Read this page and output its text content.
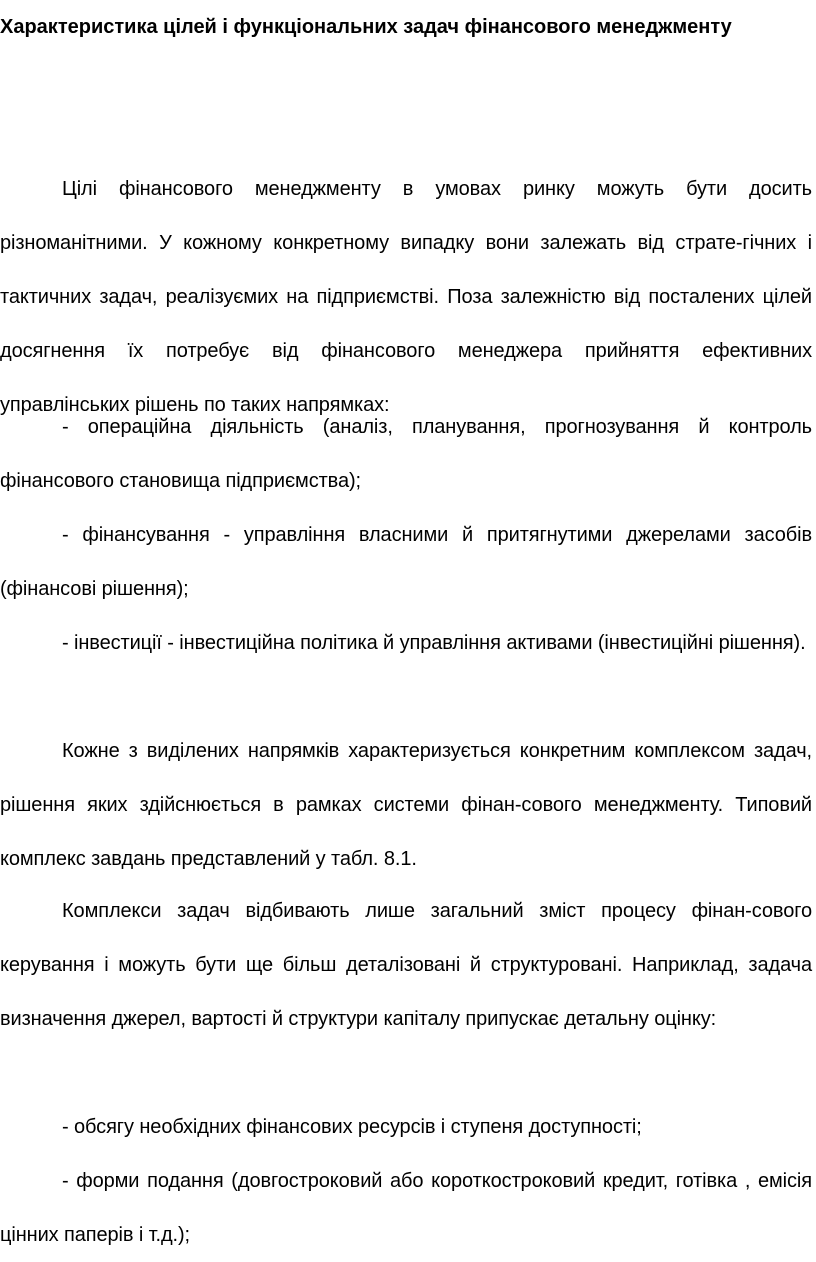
Характеристика цілей і функціональних задач фінансового менеджменту

Цілі фінансового менеджменту в умовах ринку можуть бути досить різноманітними. У кожному конкретному випадку вони залежать від страте-гічних і тактичних задач, реалізуємих на підприємстві. Поза залежністю від посталених цілей досягнення їх потребує від фінансового менеджера прийняття ефективних управлінських рішень по таких напрямках:

- операційна діяльність (аналіз, планування, прогнозування й контроль фінансового становища підприємства);

- фінансування - управління власними й притягнутими джерелами засобів (фінансові рішення);

- інвестиції - інвестиційна політика й управління активами (інвестиційні рішення).

Кожне з виділених напрямків характеризується конкретним комплексом задач, рішення яких здійснюється в рамках системи фінан-сового менеджменту. Типовий комплекс завдань представлений у табл. 8.1.

Комплекси задач відбивають лише загальний зміст процесу фінан-сового керування і можуть бути ще більш деталізовані й структуровані. Наприклад, задача визначення джерел, вартості й структури капіталу припускає детальну оцінку:

- обсягу необхідних фінансових ресурсів і ступеня доступності;

- форми подання (довгостроковий або короткостроковий кредит, готівка , емісія цінних паперів і т.д.);
